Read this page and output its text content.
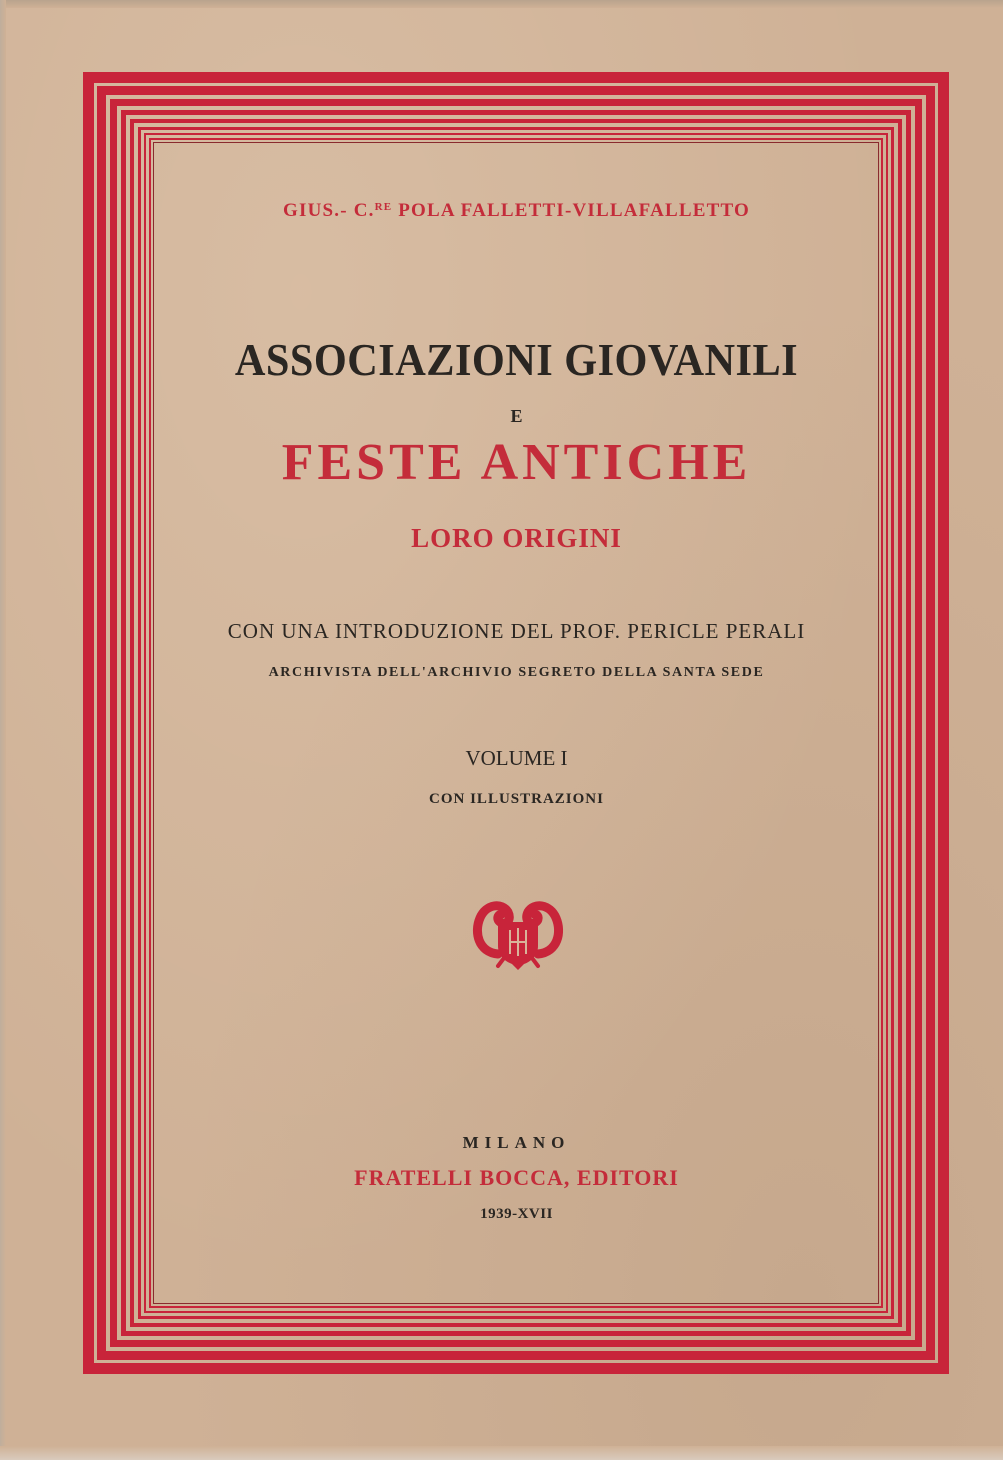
GIUS.- C.$^{RE}$ POLA FALLETTI-VILLAFALLETTO
ASSOCIAZIONI GIOVANILI
E
FESTE ANTICHE
LORO ORIGINI
CON UNA INTRODUZIONE DEL PROF. PERICLE PERALI
ARCHIVISTA DELL'ARCHIVIO SEGRETO DELLA SANTA SEDE
VOLUME I
CON ILLUSTRAZIONI
MILANO
FRATELLI BOCCA, EDITORI
1939-XVII
